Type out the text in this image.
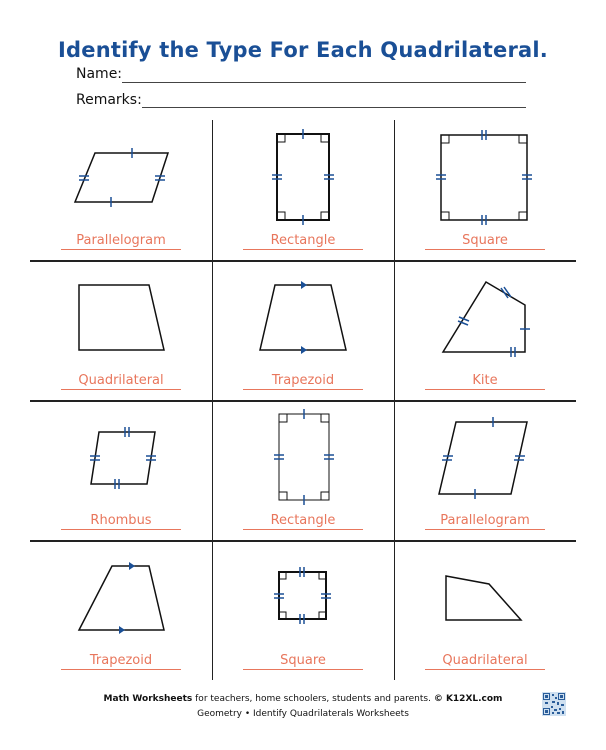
Identify the Type For Each Quadrilateral.
Name:
Remarks:
Parallelogram	Rectangle	Square
Quadrilateral	Trapezoid	Kite
Rhombus	Rectangle	Parallelogram
Trapezoid	Square	Quadrilateral
Math Worksheets for teachers, home schoolers, students and parents. © K12XL.com
Geometry • Identify Quadrilaterals Worksheets
